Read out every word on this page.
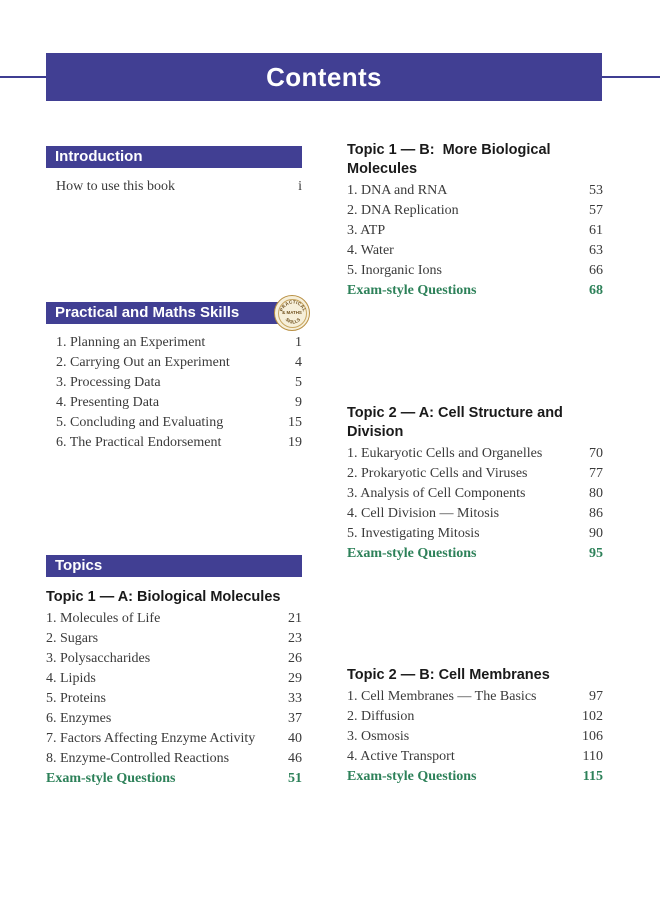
Contents
Introduction
How to use this book	i
Practical and Maths Skills	PRACTICAL
SKILLS
& MATHS
1. Planning an Experiment	1
2. Carrying Out an Experiment	4
3. Processing Data	5
4. Presenting Data	9
5. Concluding and Evaluating	15
6. The Practical Endorsement	19
Topics
Topic 1 — A: Biological Molecules
1. Molecules of Life	21
2. Sugars	23
3. Polysaccharides	26
4. Lipids	29
5. Proteins	33
6. Enzymes	37
7. Factors Affecting Enzyme Activity	40
8. Enzyme-Controlled Reactions	46
Exam-style Questions	51
Topic 1 — B:  More Biological Molecules
1. DNA and RNA	53
2. DNA Replication	57
3. ATP	61
4. Water	63
5. Inorganic Ions	66
Exam-style Questions	68
Topic 2 — A: Cell Structure and Division
1. Eukaryotic Cells and Organelles	70
2. Prokaryotic Cells and Viruses	77
3. Analysis of Cell Components	80
4. Cell Division — Mitosis	86
5. Investigating Mitosis	90
Exam-style Questions	95
Topic 2 — B: Cell Membranes
1. Cell Membranes — The Basics	97
2. Diffusion	102
3. Osmosis	106
4. Active Transport	110
Exam-style Questions	115
